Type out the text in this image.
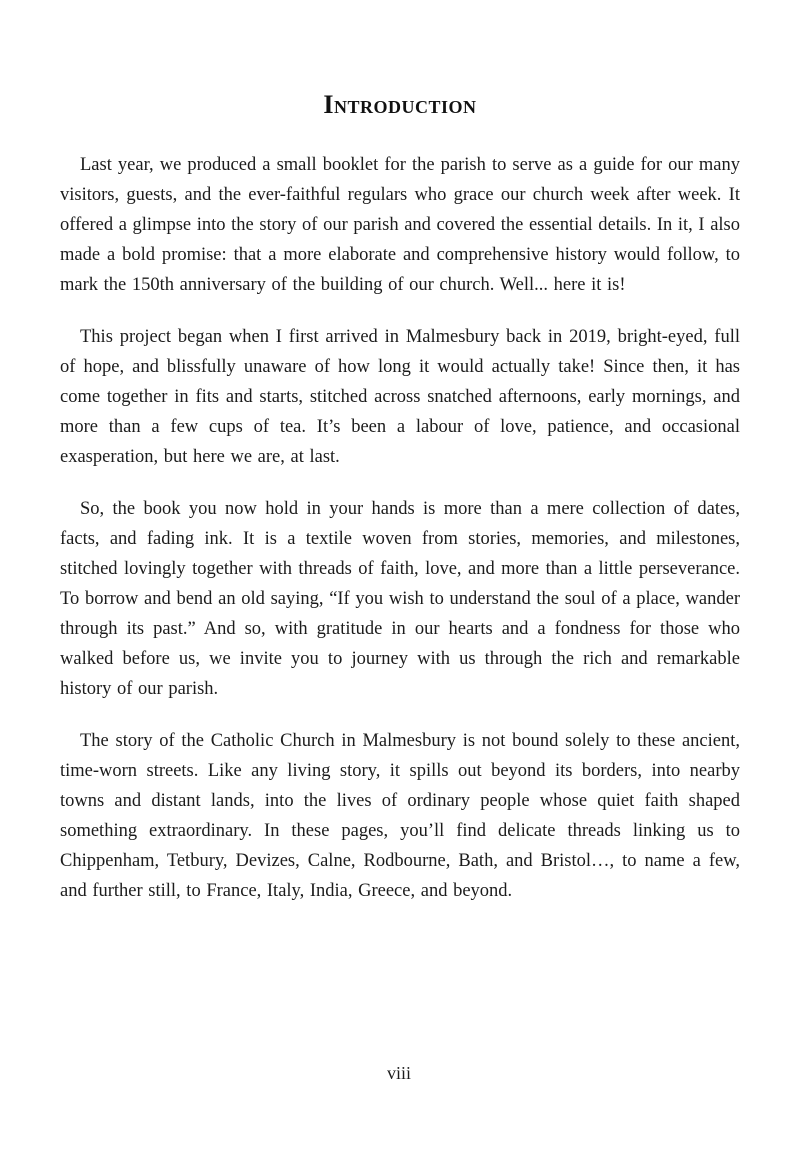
Introduction

Last year, we produced a small booklet for the parish to serve as a guide for our many visitors, guests, and the ever-faithful regulars who grace our church week after week. It offered a glimpse into the story of our parish and covered the essential details. In it, I also made a bold promise: that a more elaborate and comprehensive history would follow, to mark the 150th anniversary of the building of our church. Well... here it is!

This project began when I first arrived in Malmesbury back in 2019, bright-eyed, full of hope, and blissfully unaware of how long it would actually take! Since then, it has come together in fits and starts, stitched across snatched afternoons, early mornings, and more than a few cups of tea. It’s been a labour of love, patience, and occasional exasperation, but here we are, at last.

So, the book you now hold in your hands is more than a mere collection of dates, facts, and fading ink. It is a textile woven from stories, memories, and milestones, stitched lovingly together with threads of faith, love, and more than a little perseverance. To borrow and bend an old saying, “If you wish to understand the soul of a place, wander through its past.” And so, with gratitude in our hearts and a fondness for those who walked before us, we invite you to journey with us through the rich and remarkable history of our parish.

The story of the Catholic Church in Malmesbury is not bound solely to these ancient, time-worn streets. Like any living story, it spills out beyond its borders, into nearby towns and distant lands, into the lives of ordinary people whose quiet faith shaped something extraordinary. In these pages, you’ll find delicate threads linking us to Chippenham, Tetbury, Devizes, Calne, Rodbourne, Bath, and Bristol…, to name a few, and further still, to France, Italy, India, Greece, and beyond.

viii
